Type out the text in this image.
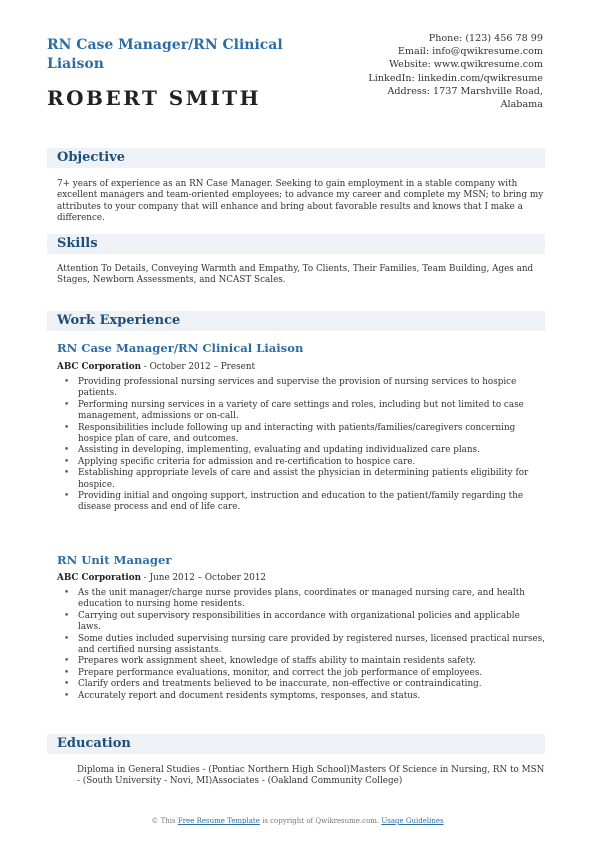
RN Case Manager/RN Clinical
Liaison
ROBERT SMITH
Phone: (123) 456 78 99
Email: info@qwikresume.com
Website: www.qwikresume.com
LinkedIn: linkedin.com/qwikresume
Address: 1737 Marshville Road,
Alabama
Objective
7+ years of experience as an RN Case Manager. Seeking to gain employment in a stable company with excellent managers and team-oriented employees; to advance my career and complete my MSN; to bring my attributes to your company that will enhance and bring about favorable results and knows that I make a difference.
Skills
Attention To Details, Conveying Warmth and Empathy, To Clients, Their Families, Team Building, Ages and Stages, Newborn Assessments, and NCAST Scales.
Work Experience
RN Case Manager/RN Clinical Liaison
ABC Corporation - October 2012 – Present
• Providing professional nursing services and supervise the provision of nursing services to hospice patients.
• Performing nursing services in a variety of care settings and roles, including but not limited to case management, admissions or on-call.
• Responsibilities include following up and interacting with patients/families/caregivers concerning hospice plan of care, and outcomes.
• Assisting in developing, implementing, evaluating and updating individualized care plans.
• Applying specific criteria for admission and re-certification to hospice care.
• Establishing appropriate levels of care and assist the physician in determining patients eligibility for hospice.
• Providing initial and ongoing support, instruction and education to the patient/family regarding the disease process and end of life care.
RN Unit Manager
ABC Corporation - June 2012 – October 2012
• As the unit manager/charge nurse provides plans, coordinates or managed nursing care, and health education to nursing home residents.
• Carrying out supervisory responsibilities in accordance with organizational policies and applicable laws.
• Some duties included supervising nursing care provided by registered nurses, licensed practical nurses, and certified nursing assistants.
• Prepares work assignment sheet, knowledge of staffs ability to maintain residents safety.
• Prepare performance evaluations, monitor, and correct the job performance of employees.
• Clarify orders and treatments believed to be inaccurate, non-effective or contraindicating.
• Accurately report and document residents symptoms, responses, and status.
Education
Diploma in General Studies - (Pontiac Northern High School)Masters Of Science in Nursing, RN to MSN - (South University - Novi, MI)Associates - (Oakland Community College)
© This Free Resume Template is copyright of Qwikresume.com. Usage Guidelines
